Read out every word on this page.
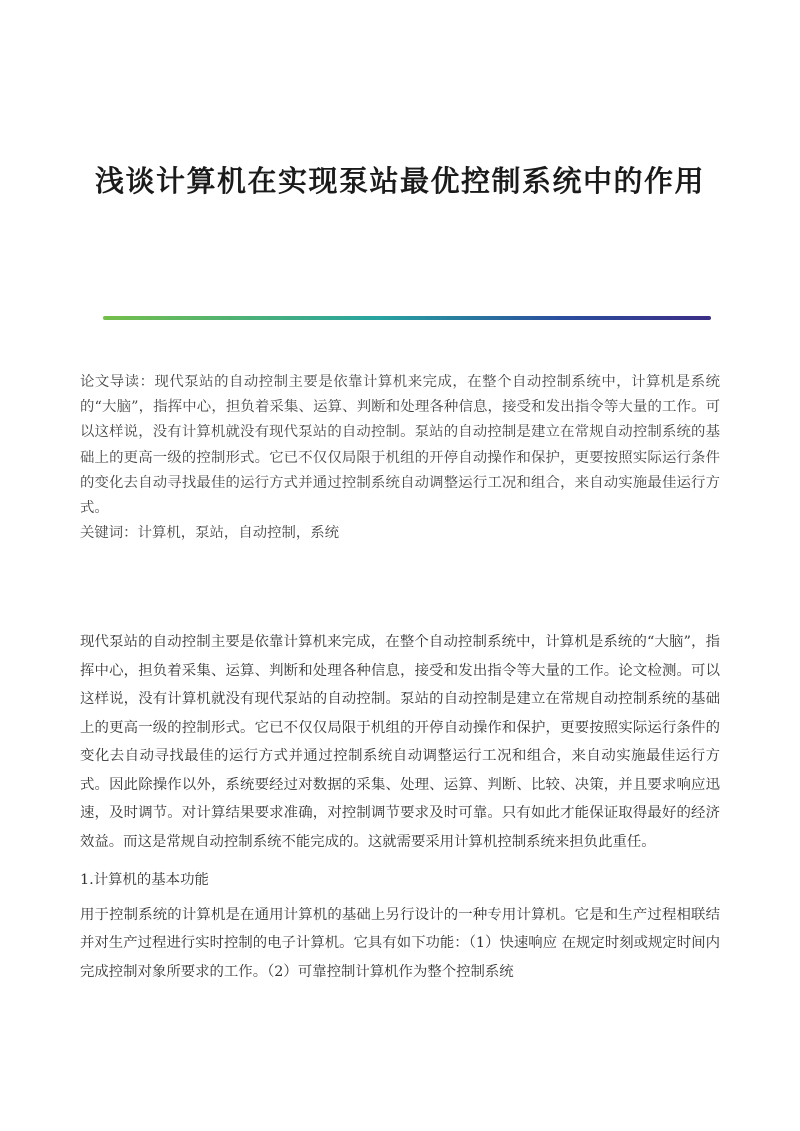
浅谈计算机在实现泵站最优控制系统中的作用

论文导读：现代泵站的自动控制主要是依靠计算机来完成，在整个自动控制系统中，计算机是系统的“大脑”，指挥中心，担负着采集、运算、判断和处理各种信息，接受和发出指令等大量的工作。可以这样说，没有计算机就没有现代泵站的自动控制。泵站的自动控制是建立在常规自动控制系统的基础上的更高一级的控制形式。它已不仅仅局限于机组的开停自动操作和保护，更要按照实际运行条件的变化去自动寻找最佳的运行方式并通过控制系统自动调整运行工况和组合，来自动实施最佳运行方式。

关键词：计算机，泵站，自动控制，系统

现代泵站的自动控制主要是依靠计算机来完成，在整个自动控制系统中，计算机是系统的“大脑”，指挥中心，担负着采集、运算、判断和处理各种信息，接受和发出指令等大量的工作。论文检测。可以这样说，没有计算机就没有现代泵站的自动控制。泵站的自动控制是建立在常规自动控制系统的基础上的更高一级的控制形式。它已不仅仅局限于机组的开停自动操作和保护，更要按照实际运行条件的变化去自动寻找最佳的运行方式并通过控制系统自动调整运行工况和组合，来自动实施最佳运行方式。因此除操作以外，系统要经过对数据的采集、处理、运算、判断、比较、决策，并且要求响应迅速，及时调节。对计算结果要求准确，对控制调节要求及时可靠。只有如此才能保证取得最好的经济效益。而这是常规自动控制系统不能完成的。这就需要采用计算机控制系统来担负此重任。

1.计算机的基本功能

用于控制系统的计算机是在通用计算机的基础上另行设计的一种专用计算机。它是和生产过程相联结并对生产过程进行实时控制的电子计算机。它具有如下功能：（1）快速响应 在规定时刻或规定时间内完成控制对象所要求的工作。（2）可靠控制计算机作为整个控制系统
